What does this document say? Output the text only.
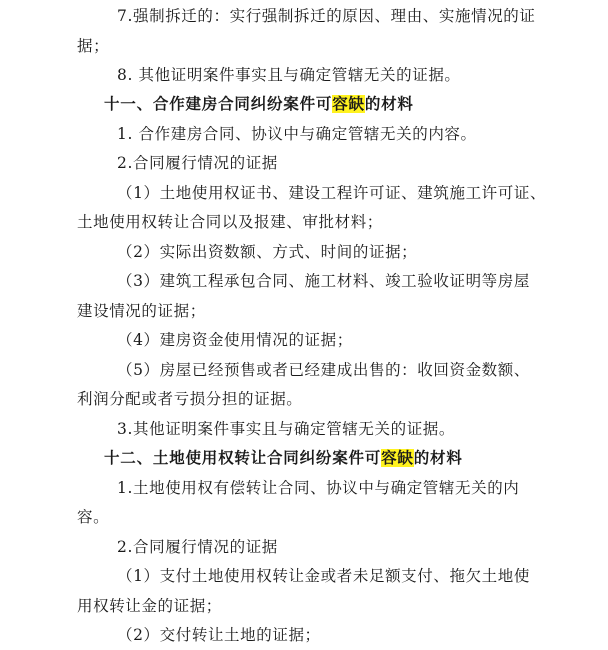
7.强制拆迁的：实行强制拆迁的原因、理由、实施情况的证
据；
8. 其他证明案件事实且与确定管辖无关的证据。
十一、合作建房合同纠纷案件可容缺的材料
1. 合作建房合同、协议中与确定管辖无关的内容。
2.合同履行情况的证据
（1）土地使用权证书、建设工程许可证、建筑施工许可证、
土地使用权转让合同以及报建、审批材料；
（2）实际出资数额、方式、时间的证据；
（3）建筑工程承包合同、施工材料、竣工验收证明等房屋
建设情况的证据；
（4）建房资金使用情况的证据；
（5）房屋已经预售或者已经建成出售的：收回资金数额、
利润分配或者亏损分担的证据。
3.其他证明案件事实且与确定管辖无关的证据。
十二、土地使用权转让合同纠纷案件可容缺的材料
1.土地使用权有偿转让合同、协议中与确定管辖无关的内
容。
2.合同履行情况的证据
（1）支付土地使用权转让金或者未足额支付、拖欠土地使
用权转让金的证据；
（2）交付转让土地的证据；
